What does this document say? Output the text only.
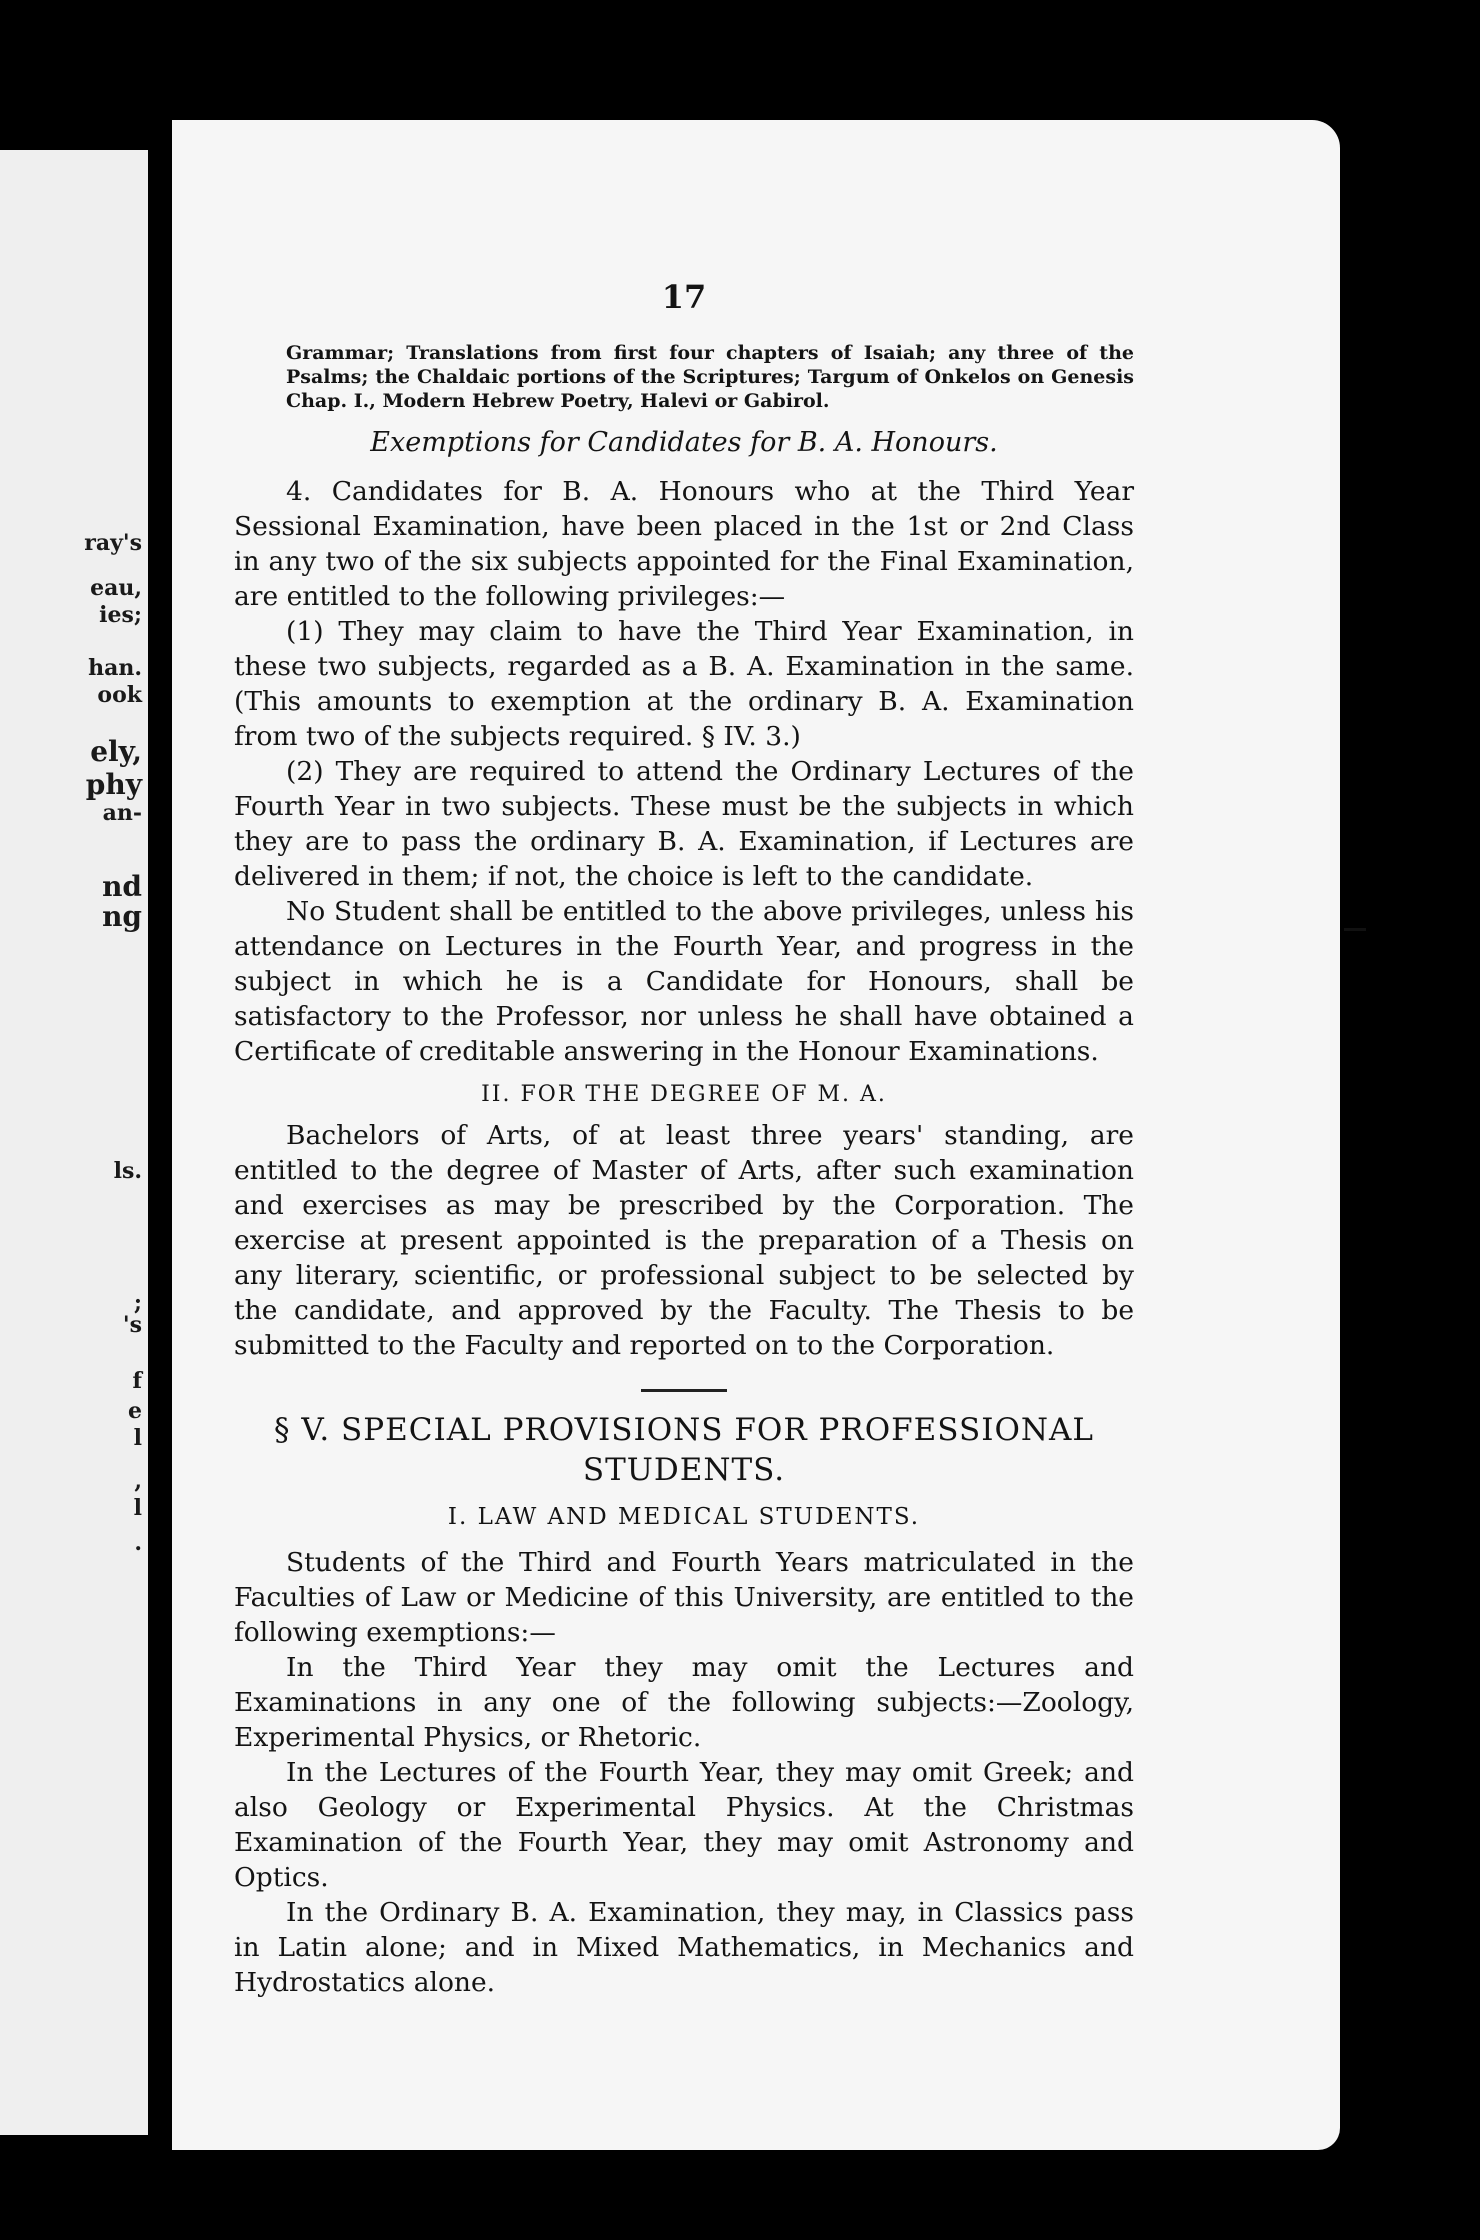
ray's
eau,
ies;
han.
ook
ely,
phy
an-
nd
ng
ls.
;
's
f
e
l
,
l
.
17
Grammar; Translations from first four chapters of Isaiah; any three of the Psalms; the Chaldaic portions of the Scriptures; Targum of Onkelos on Genesis Chap. I., Modern Hebrew Poetry, Halevi or Gabirol.
Exemptions for Candidates for B. A. Honours.

4. Candidates for B. A. Honours who at the Third Year Sessional Examination, have been placed in the 1st or 2nd Class in any two of the six subjects appointed for the Final Examination, are entitled to the following privileges:—

(1) They may claim to have the Third Year Examination, in these two subjects, regarded as a B. A. Examination in the same. (This amounts to exemption at the ordinary B. A. Examination from two of the subjects required. § IV. 3.)

(2) They are required to attend the Ordinary Lectures of the Fourth Year in two subjects. These must be the subjects in which they are to pass the ordinary B. A. Examination, if Lectures are delivered in them; if not, the choice is left to the candidate.

No Student shall be entitled to the above privileges, unless his attendance on Lectures in the Fourth Year, and progress in the subject in which he is a Candidate for Honours, shall be satisfactory to the Professor, nor unless he shall have obtained a Certificate of creditable answering in the Honour Examinations.

II. FOR THE DEGREE OF M. A.

Bachelors of Arts, of at least three years' standing, are entitled to the degree of Master of Arts, after such examination and exercises as may be prescribed by the Corporation. The exercise at present appointed is the preparation of a Thesis on any literary, scientific, or professional subject to be selected by the candidate, and approved by the Faculty. The Thesis to be submitted to the Faculty and reported on to the Corporation.

§ V. SPECIAL PROVISIONS FOR PROFESSIONAL STUDENTS.
I. LAW AND MEDICAL STUDENTS.

Students of the Third and Fourth Years matriculated in the Faculties of Law or Medicine of this University, are entitled to the following exemptions:—

In the Third Year they may omit the Lectures and Examinations in any one of the following subjects:—Zoology, Experimental Physics, or Rhetoric.

In the Lectures of the Fourth Year, they may omit Greek; and also Geology or Experimental Physics. At the Christmas Examination of the Fourth Year, they may omit Astronomy and Optics.

In the Ordinary B. A. Examination, they may, in Classics pass in Latin alone; and in Mixed Mathematics, in Mechanics and Hydrostatics alone.
